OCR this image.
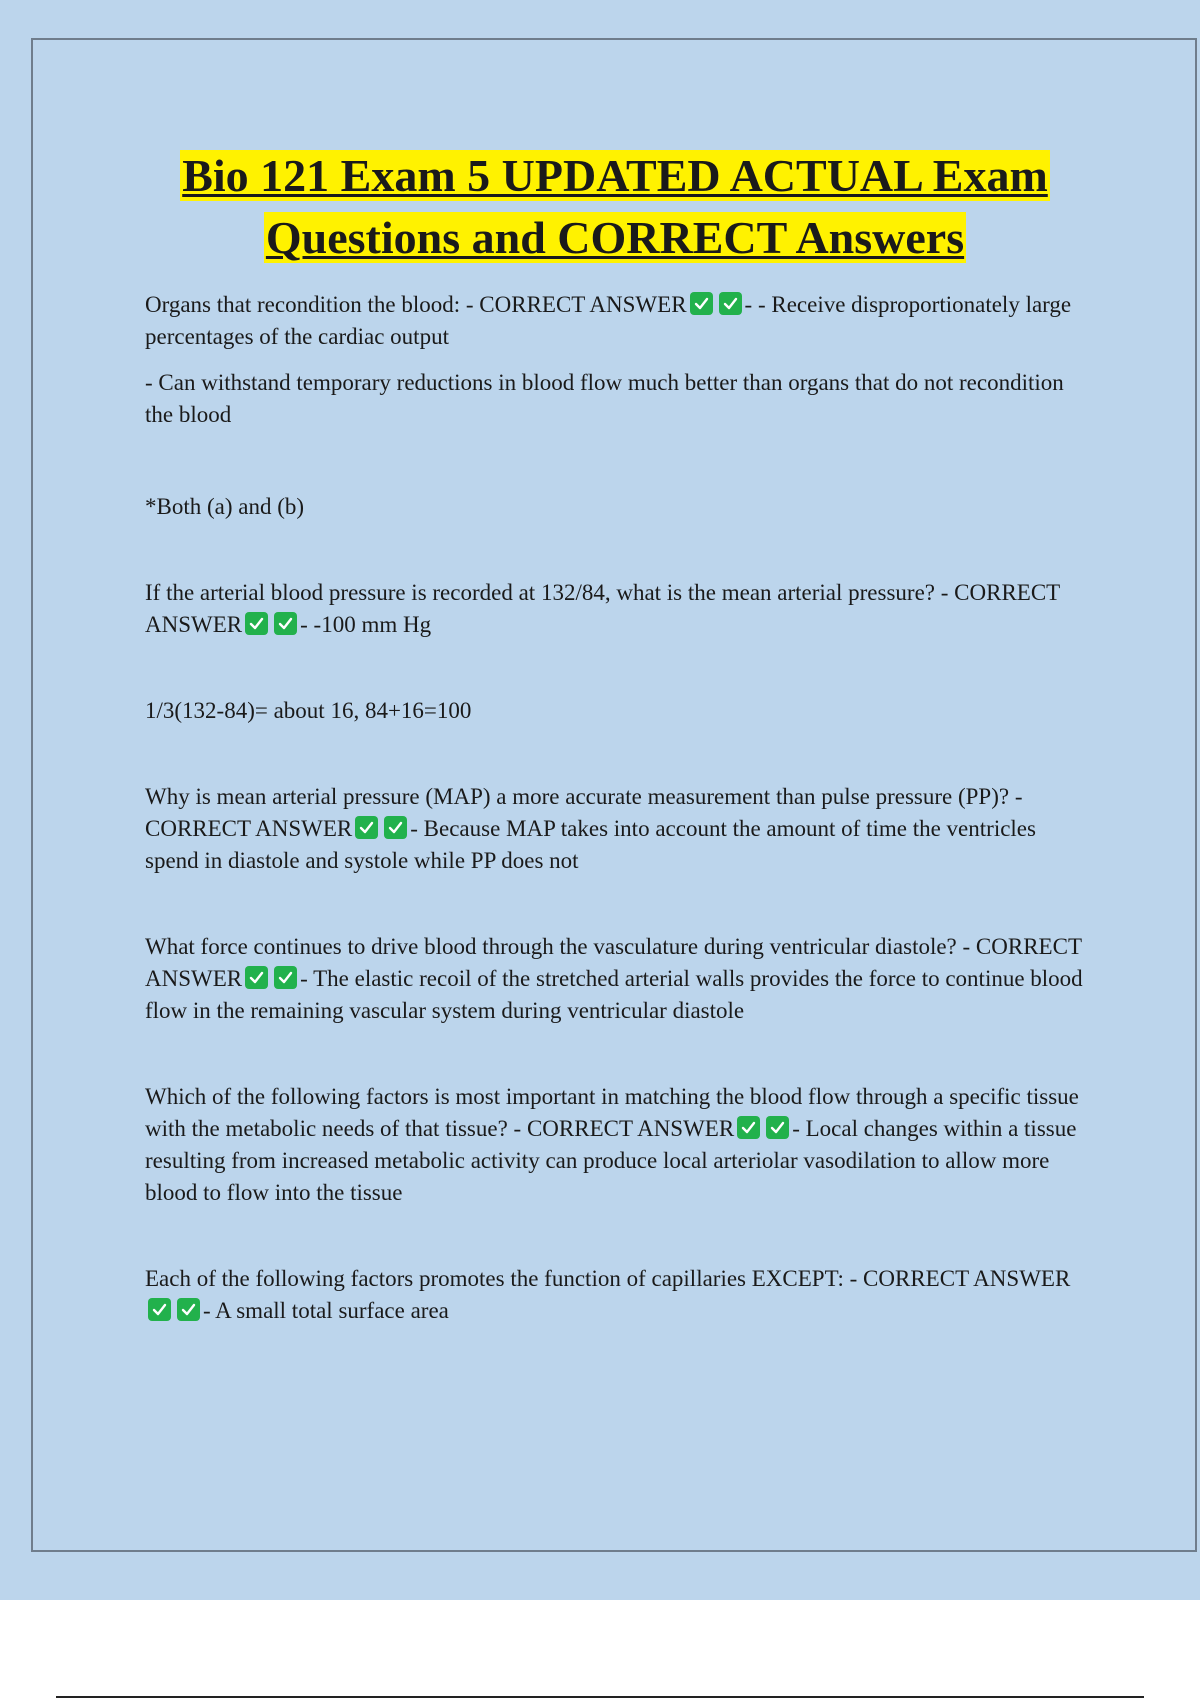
Bio 121 Exam 5 UPDATED ACTUAL Exam
Questions and CORRECT Answers

Organs that recondition the blood: - CORRECT ANSWER	- - Receive disproportionately large percentages of the cardiac output

- Can withstand temporary reductions in blood flow much better than organs that do not recondition the blood

*Both (a) and (b)

If the arterial blood pressure is recorded at 132/84, what is the mean arterial pressure? - CORRECT ANSWER	- -100 mm Hg

1/3(132-84)= about 16, 84+16=100

Why is mean arterial pressure (MAP) a more accurate measurement than pulse pressure (PP)? - CORRECT ANSWER	- Because MAP takes into account the amount of time the ventricles spend in diastole and systole while PP does not

What force continues to drive blood through the vasculature during ventricular diastole? - CORRECT ANSWER	- The elastic recoil of the stretched arterial walls provides the force to continue blood flow in the remaining vascular system during ventricular diastole

Which of the following factors is most important in matching the blood flow through a specific tissue with the metabolic needs of that tissue? - CORRECT ANSWER	- Local changes within a tissue resulting from increased metabolic activity can produce local arteriolar vasodilation to allow more blood to flow into the tissue

Each of the following factors promotes the function of capillaries EXCEPT: - CORRECT ANSWER
- A small total surface area
